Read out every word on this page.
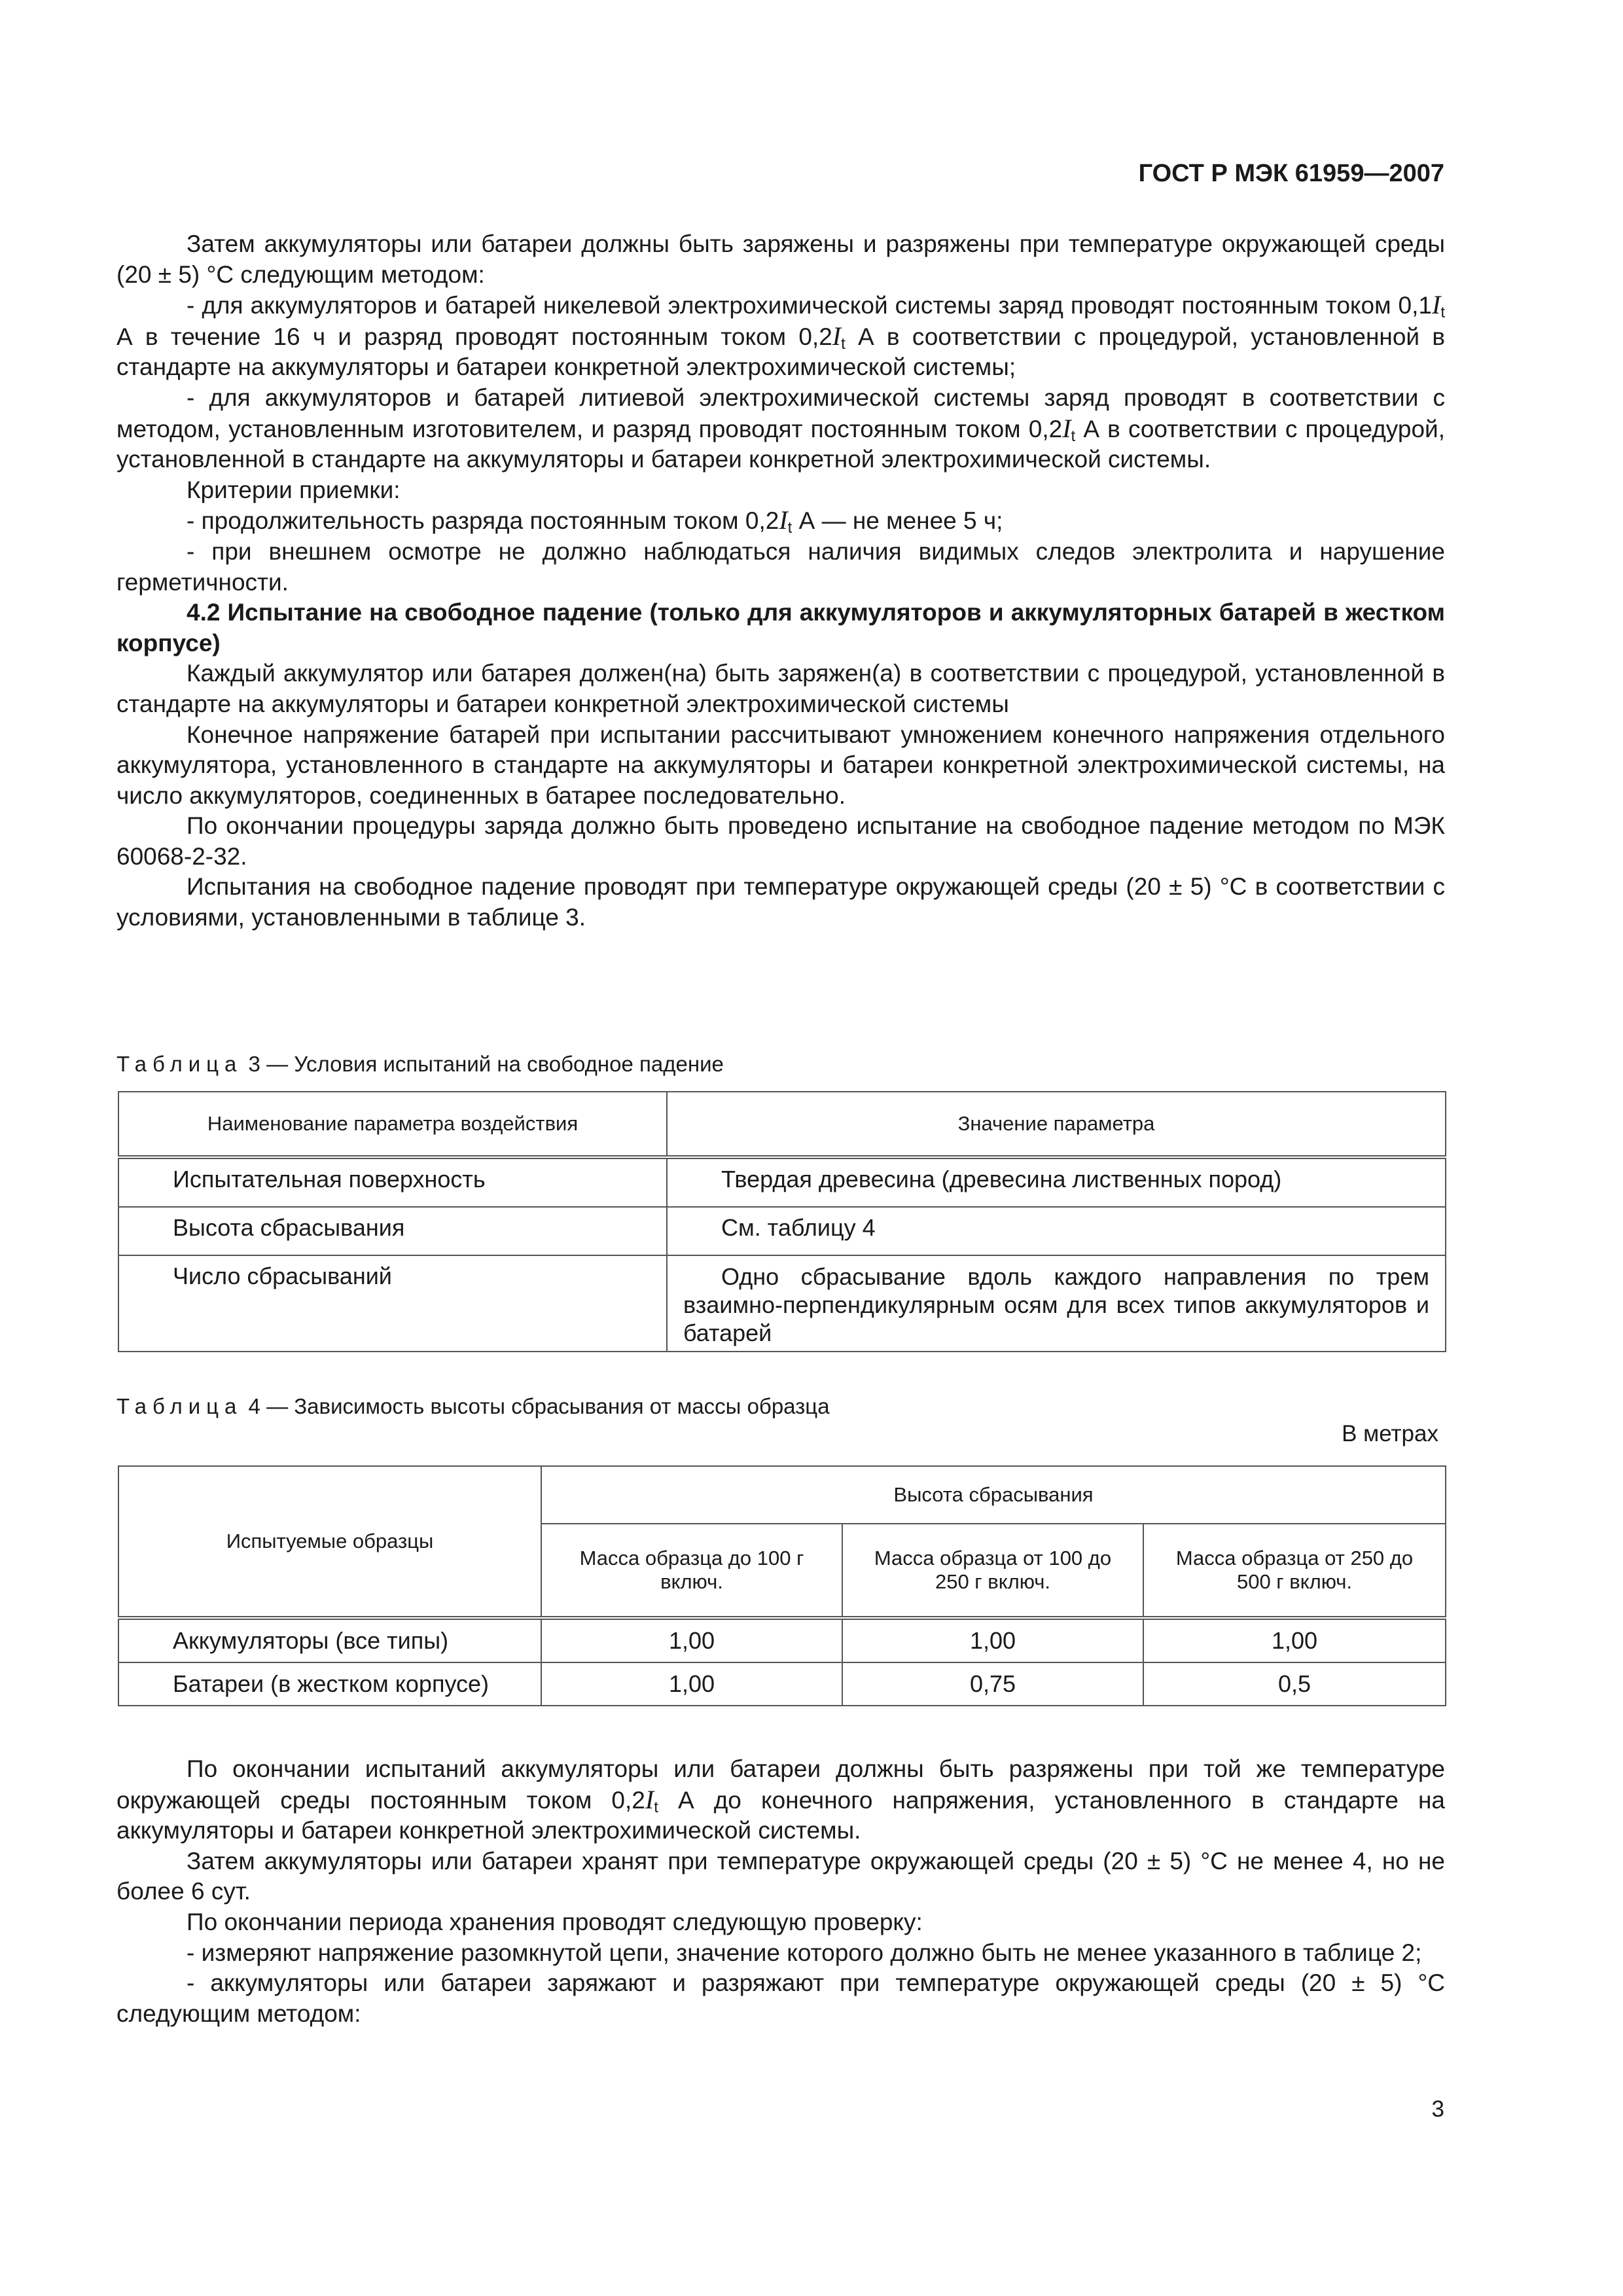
ГОСТ Р МЭК 61959—2007

Затем аккумуляторы или батареи должны быть заряжены и разряжены при температуре окружающей среды (20 ± 5) °C следующим методом:

- для аккумуляторов и батарей никелевой электрохимической системы заряд проводят постоянным током $0,1I_t$ А в течение 16 ч и разряд проводят постоянным током $0,2I_t$ А в соответствии с процедурой, установленной в стандарте на аккумуляторы и батареи конкретной электрохимической системы;

- для аккумуляторов и батарей литиевой электрохимической системы заряд проводят в соответствии с методом, установленным изготовителем, и разряд проводят постоянным током $0,2I_t$ А в соответствии с процедурой, установленной в стандарте на аккумуляторы и батареи конкретной электрохимической системы.

Критерии приемки:

- продолжительность разряда постоянным током $0,2I_t$ А — не менее 5 ч;

- при внешнем осмотре не должно наблюдаться наличия видимых следов электролита и нарушение герметичности.

4.2 Испытание на свободное падение (только для аккумуляторов и аккумуляторных батарей в жестком корпусе)

Каждый аккумулятор или батарея должен(на) быть заряжен(а) в соответствии с процедурой, установленной в стандарте на аккумуляторы и батареи конкретной электрохимической системы

Конечное напряжение батарей при испытании рассчитывают умножением конечного напряжения отдельного аккумулятора, установленного в стандарте на аккумуляторы и батареи конкретной электрохимической системы, на число аккумуляторов, соединенных в батарее последовательно.

По окончании процедуры заряда должно быть проведено испытание на свободное падение методом по МЭК 60068-2-32.

Испытания на свободное падение проводят при температуре окружающей среды (20 ± 5) °C в соответствии с условиями, установленными в таблице 3.

Таблица 3 — Условия испытаний на свободное падение
Наименование параметра воздействия	Значение параметра
Испытательная поверхность	Твердая древесина (древесина лиственных пород)
Высота сбрасывания	См. таблицу 4
Число сбрасываний	Одно сбрасывание вдоль каждого направления по трем взаимно-перпендикулярным осям для всех типов аккумуляторов и батарей
Таблица 4 — Зависимость высоты сбрасывания от массы образца
В метрах
Испытуемые образцы	Высота сбрасывания		
	Масса образца до 100 г включ.	Масса образца от 100 до 250 г включ.	Масса образца от 250 до 500 г включ.
Аккумуляторы (все типы)	1,00	1,00	1,00
Батареи (в жестком корпусе)	1,00	0,75	0,5

По окончании испытаний аккумуляторы или батареи должны быть разряжены при той же температуре окружающей среды постоянным током $0,2I_t$ А до конечного напряжения, установленного в стандарте на аккумуляторы и батареи конкретной электрохимической системы.

Затем аккумуляторы или батареи хранят при температуре окружающей среды (20 ± 5) °C не менее 4, но не более 6 сут.

По окончании периода хранения проводят следующую проверку:

- измеряют напряжение разомкнутой цепи, значение которого должно быть не менее указанного в таблице 2;

- аккумуляторы или батареи заряжают и разряжают при температуре окружающей среды (20 ± 5) °C следующим методом:

3
